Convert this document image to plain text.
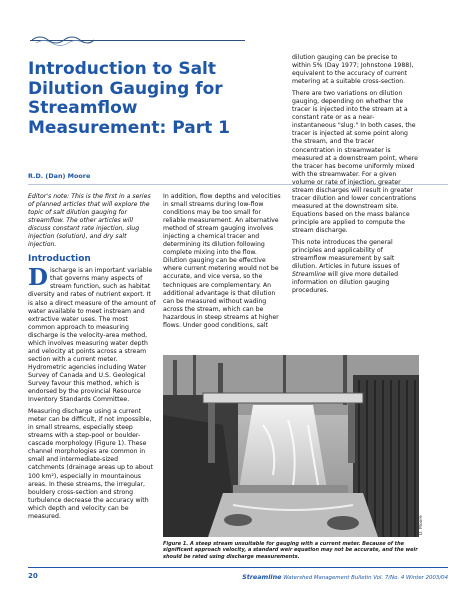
Introduction to Salt Dilution Gauging for Streamflow Measurement: Part 1
R.D. (Dan) Moore

Editor's note: This is the first in a series of planned articles that will explore the topic of salt dilution gauging for streamflow. The other articles will discuss constant rate injection, slug injection (solution), and dry salt injection.

Introduction

Discharge is an important variable that governs many aspects of stream function, such as habitat diversity and rates of nutrient export. It is also a direct measure of the amount of water available to meet instream and extractive water uses. The most common approach to measuring discharge is the velocity-area method, which involves measuring water depth and velocity at points across a stream section with a current meter. Hydrometric agencies including Water Survey of Canada and U.S. Geological Survey favour this method, which is endorsed by the provincial Resource Inventory Standards Committee.

Measuring discharge using a current meter can be difficult, if not impossible, in small streams, especially steep streams with a step-pool or boulder-cascade morphology (Figure 1). These channel morphologies are common in small and intermediate-sized catchments (drainage areas up to about 100 km²), especially in mountainous areas. In these streams, the irregular, bouldery cross-section and strong turbulence decrease the accuracy with which depth and velocity can be measured.

In addition, flow depths and velocities in small streams during low-flow conditions may be too small for reliable measurement. An alternative method of stream gauging involves injecting a chemical tracer and determining its dilution following complete mixing into the flow. Dilution gauging can be effective where current metering would not be accurate, and vice versa, so the techniques are complementary. An additional advantage is that dilution can be measured without wading across the stream, which can be hazardous in steep streams at higher flows. Under good conditions, salt

dilution gauging can be precise to within 5% (Day 1977; Johnstone 1988), equivalent to the accuracy of current metering at a suitable cross-section.

There are two variations on dilution gauging, depending on whether the tracer is injected into the stream at a constant rate or as a near-instantaneous "slug." In both cases, the tracer is injected at some point along the stream, and the tracer concentration in streamwater is measured at a downstream point, where the tracer has become uniformly mixed with the streamwater. For a given volume or rate of injection, greater stream discharges will result in greater tracer dilution and lower concentrations measured at the downstream site. Equations based on the mass balance principle are applied to compute the stream discharge.

This note introduces the general principles and applicability of streamflow measurement by salt dilution. Articles in future issues of Streamline will give more detailed information on dilution gauging procedures.

D. Moore
Figure 1. A steep stream unsuitable for gauging with a current meter. Because of the significant approach velocity, a standard weir equation may not be accurate, and the weir should be rated using discharge measurements.
20	Streamline Watershed Management Bulletin Vol. 7/No. 4 Winter 2003/04
